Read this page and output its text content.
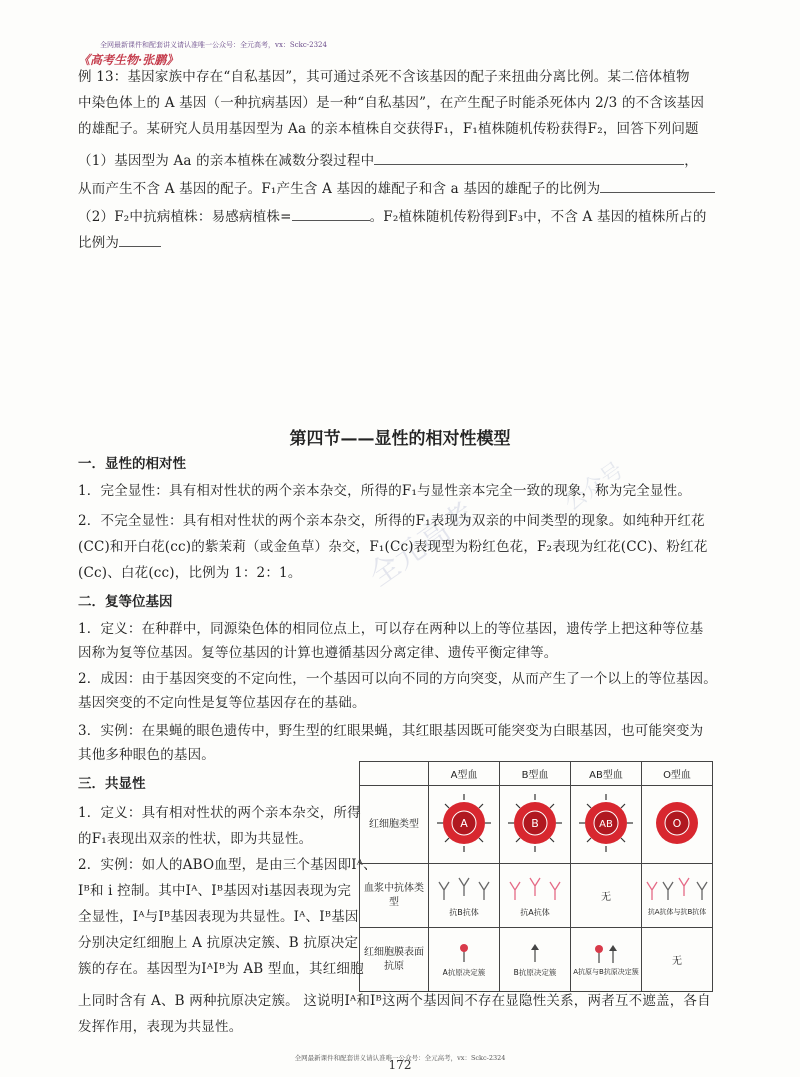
全网最新课件和配套讲义请认准唯一公众号：全元高考，vx：Sckc-2324
《高考生物·张鹏》
全元高考
公众号
例 13：基因家族中存在“自私基因”，其可通过杀死不含该基因的配子来扭曲分离比例。某二倍体植物
中染色体上的 A 基因（一种抗病基因）是一种“自私基因”，在产生配子时能杀死体内 2/3 的不含该基因
的雄配子。某研究人员用基因型为 Aa 的亲本植株自交获得F₁，F₁植株随机传粉获得F₂，回答下列问题
（1）基因型为 Aa 的亲本植株在减数分裂过程中	，
从而产生不含 A 基因的配子。F₁产生含 A 基因的雄配子和含 a 基因的雄配子的比例为
（2）F₂中抗病植株：易感病植株=	。F₂植株随机传粉得到F₃中，不含 A 基因的植株所占的
比例为
第四节——显性的相对性模型
一．显性的相对性
1．完全显性：具有相对性状的两个亲本杂交，所得的F₁与显性亲本完全一致的现象，称为完全显性。
2．不完全显性：具有相对性状的两个亲本杂交，所得的F₁表现为双亲的中间类型的现象。如纯种开红花
(CC)和开白花(cc)的紫茉莉（或金鱼草）杂交，F₁(Cc)表现型为粉红色花，F₂表现为红花(CC)、粉红花
(Cc)、白花(cc)，比例为 1：2：1。
二．复等位基因
1．定义：在种群中，同源染色体的相同位点上，可以存在两种以上的等位基因，遗传学上把这种等位基
因称为复等位基因。复等位基因的计算也遵循基因分离定律、遗传平衡定律等。
2．成因：由于基因突变的不定向性，一个基因可以向不同的方向突变，从而产生了一个以上的等位基因。
基因突变的不定向性是复等位基因存在的基础。
3．实例：在果蝇的眼色遗传中，野生型的红眼果蝇，其红眼基因既可能突变为白眼基因，也可能突变为
其他多种眼色的基因。
三．共显性
1．定义：具有相对性状的两个亲本杂交，所得
的F₁表现出双亲的性状，即为共显性。
2．实例：如人的ABO血型，是由三个基因即Iᴬ、
Iᴮ和 i 控制。其中Iᴬ、Iᴮ基因对i基因表现为完
全显性，Iᴬ与Iᴮ基因表现为共显性。Iᴬ、Iᴮ基因
分别决定红细胞上 A 抗原决定簇、B 抗原决定
簇的存在。基因型为IᴬIᴮ为 AB 型血，其红细胞
上同时含有 A、B 两种抗原决定簇。 这说明Iᴬ和Iᴮ这两个基因间不存在显隐性关系，两者互不遮盖，各自
发挥作用，表现为共显性。
	A型血	B型血	AB型血	O型血
红细胞类型	A	B	AB	O

血浆中抗体类型	抗B抗体	抗A抗体	无	抗A抗体与抗B抗体

红细胞膜表面抗原	A抗原决定簇	B抗原决定簇	A抗原与B抗原决定簇	无
全网最新课件和配套讲义请认准唯一公众号：全元高考，vx：Sckc-2324
172
